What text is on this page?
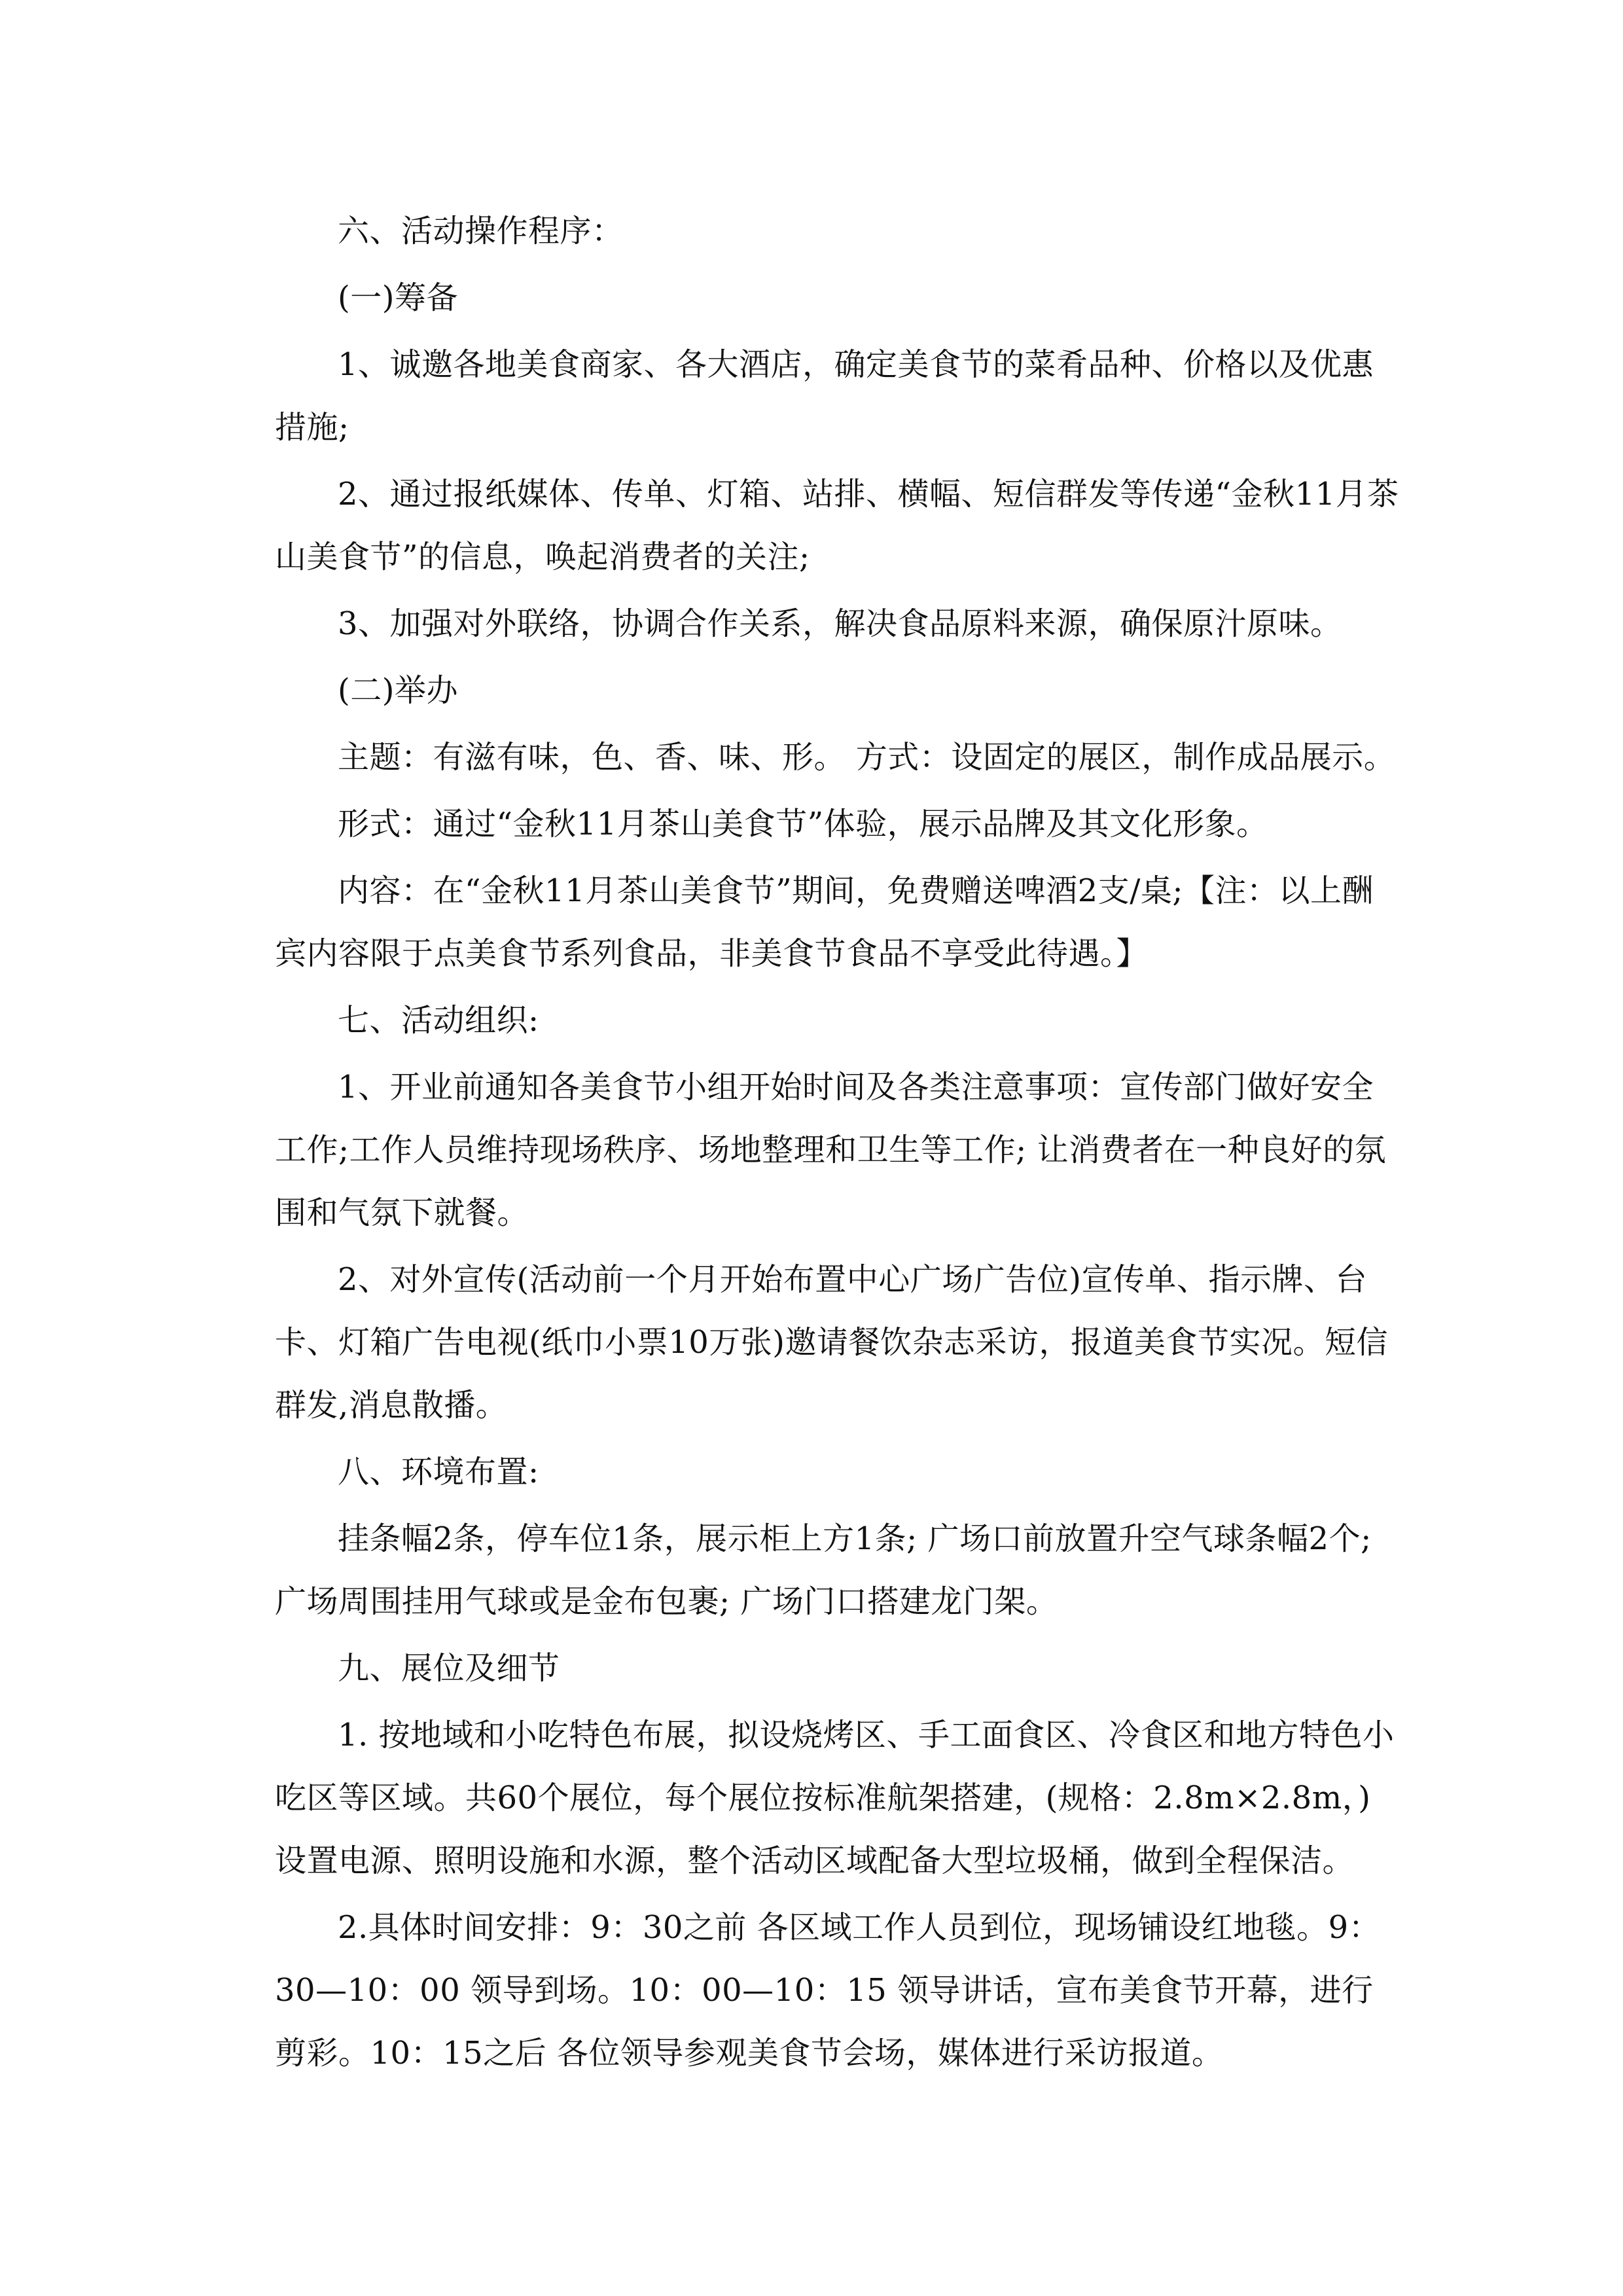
六、活动操作程序：

(一)筹备

1、诚邀各地美食商家、各大酒店，确定美食节的菜肴品种、价格以及优惠措施;

2、通过报纸媒体、传单、灯箱、站排、横幅、短信群发等传递“金秋11月茶山美食节”的信息，唤起消费者的关注;

3、加强对外联络，协调合作关系，解决食品原料来源，确保原汁原味。

(二)举办

主题：有滋有味，色、香、味、形。 方式：设固定的展区，制作成品展示。

形式：通过“金秋11月茶山美食节”体验，展示品牌及其文化形象。

内容：在“金秋11月茶山美食节”期间，免费赠送啤酒2支/桌;【注：以上酬宾内容限于点美食节系列食品，非美食节食品不享受此待遇。】

七、活动组织:

1、开业前通知各美食节小组开始时间及各类注意事项：宣传部门做好安全工作;工作人员维持现场秩序、场地整理和卫生等工作; 让消费者在一种良好的氛围和气氛下就餐。

2、对外宣传(活动前一个月开始布置中心广场广告位)宣传单、指示牌、台卡、灯箱广告电视(纸巾小票10万张)邀请餐饮杂志采访，报道美食节实况。短信群发,消息散播。

八、环境布置:

挂条幅2条，停车位1条，展示柜上方1条; 广场口前放置升空气球条幅2个;广场周围挂用气球或是金布包裹; 广场门口搭建龙门架。

九、展位及细节

1. 按地域和小吃特色布展，拟设烧烤区、手工面食区、冷食区和地方特色小吃区等区域。共60个展位，每个展位按标准航架搭建，(规格：2.8m×2.8m，)设置电源、照明设施和水源，整个活动区域配备大型垃圾桶，做到全程保洁。

2.具体时间安排：9：30之前 各区域工作人员到位，现场铺设红地毯。9：30—10：00 领导到场。10：00—10：15 领导讲话，宣布美食节开幕，进行剪彩。10：15之后 各位领导参观美食节会场，媒体进行采访报道。
